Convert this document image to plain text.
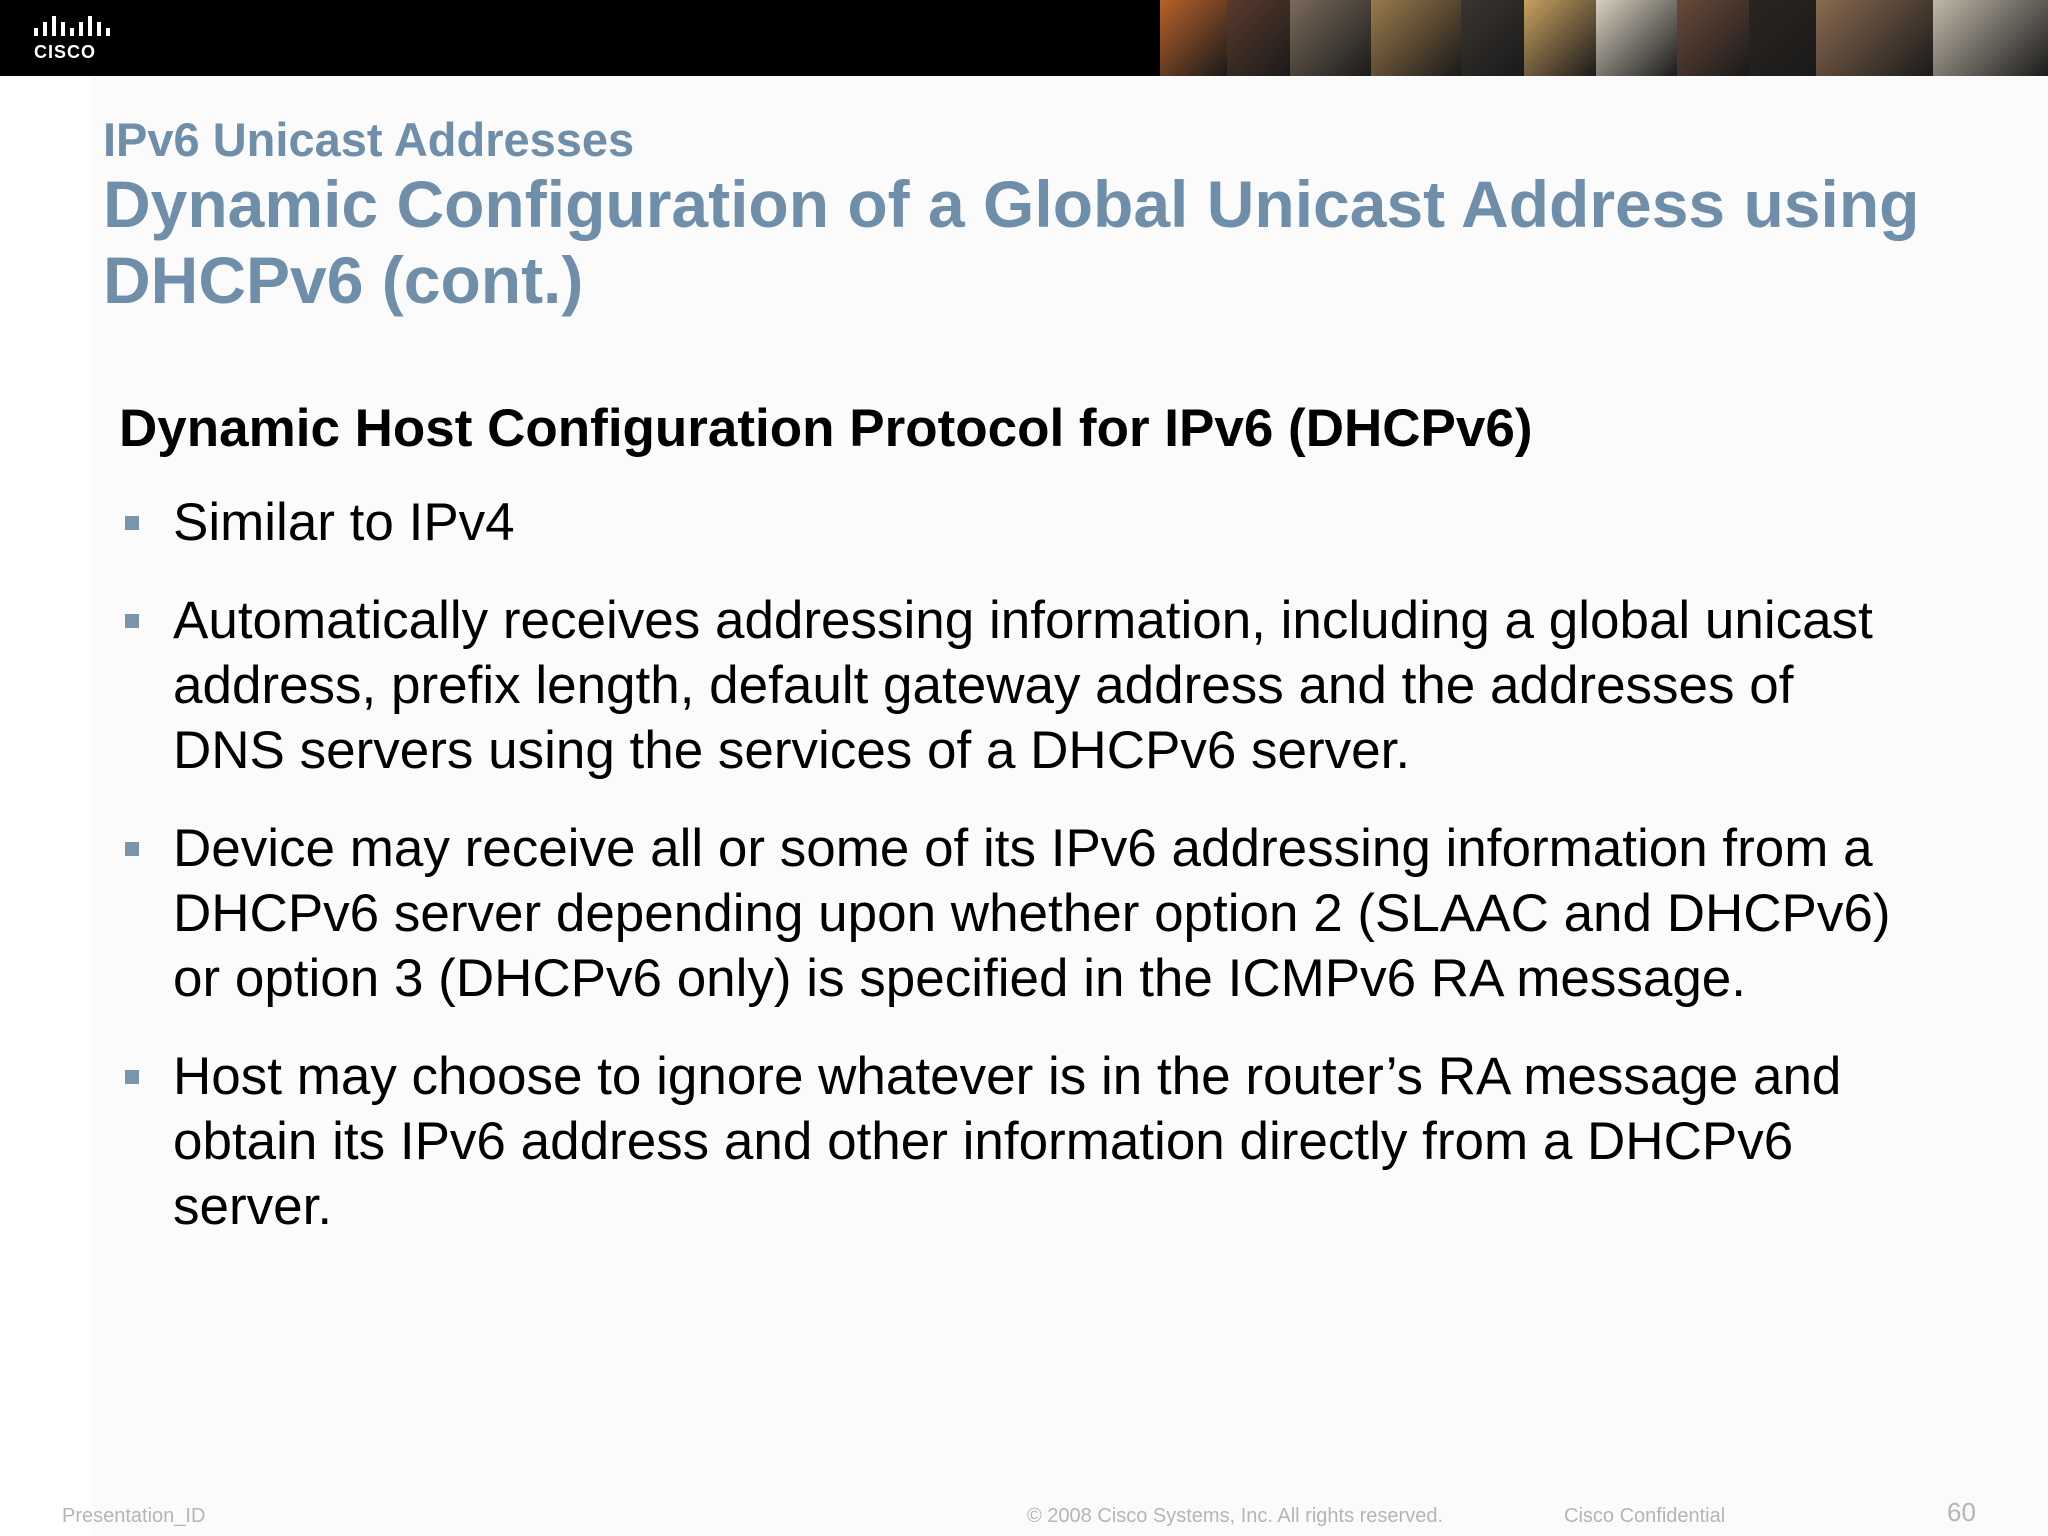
CISCO
IPv6 Unicast Addresses
Dynamic Configuration of a Global Unicast Address using DHCPv6 (cont.)
Dynamic Host Configuration Protocol for IPv6 (DHCPv6)
Similar to IPv4
Automatically receives addressing information, including a global unicast address, prefix length, default gateway address and the addresses of DNS servers using the services of a DHCPv6 server.
Device may receive all or some of its IPv6 addressing information from a DHCPv6 server depending upon whether option 2 (SLAAC and DHCPv6) or option 3 (DHCPv6 only) is specified in the ICMPv6 RA message.
Host may choose to ignore whatever is in the router’s RA message and obtain its IPv6 address and other information directly from a DHCPv6 server.
Presentation_ID	© 2008 Cisco Systems, Inc. All rights reserved.	Cisco Confidential	60
